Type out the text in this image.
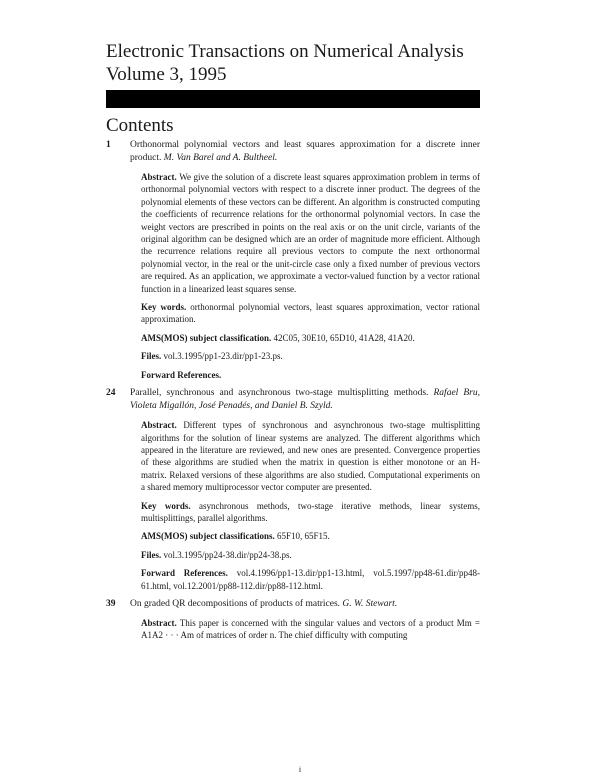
Electronic Transactions on Numerical Analysis
Volume 3, 1995
Contents
1 Orthonormal polynomial vectors and least squares approximation for a discrete inner product. M. Van Barel and A. Bultheel.
Abstract. We give the solution of a discrete least squares approximation problem in terms of orthonormal polynomial vectors with respect to a discrete inner product. The degrees of the polynomial elements of these vectors can be different. An algorithm is constructed computing the coefficients of recurrence relations for the orthonormal polynomial vectors. In case the weight vectors are prescribed in points on the real axis or on the unit circle, variants of the original algorithm can be designed which are an order of magnitude more efficient. Although the recurrence relations require all previous vectors to compute the next orthonormal polynomial vector, in the real or the unit-circle case only a fixed number of previous vectors are required. As an application, we approximate a vector-valued function by a vector rational function in a linearized least squares sense.
Key words. orthonormal polynomial vectors, least squares approximation, vector rational approximation.
AMS(MOS) subject classification. 42C05, 30E10, 65D10, 41A28, 41A20.
Files. vol.3.1995/pp1-23.dir/pp1-23.ps.
Forward References.
24 Parallel, synchronous and asynchronous two-stage multisplitting methods. Rafael Bru, Violeta Migallón, José Penadés, and Daniel B. Szyld.
Abstract. Different types of synchronous and asynchronous two-stage multisplitting algorithms for the solution of linear systems are analyzed. The different algorithms which appeared in the literature are reviewed, and new ones are presented. Convergence properties of these algorithms are studied when the matrix in question is either monotone or an H-matrix. Relaxed versions of these algorithms are also studied. Computational experiments on a shared memory multiprocessor vector computer are presented.
Key words. asynchronous methods, two-stage iterative methods, linear systems, multisplittings, parallel algorithms.
AMS(MOS) subject classifications. 65F10, 65F15.
Files. vol.3.1995/pp24-38.dir/pp24-38.ps.
Forward References. vol.4.1996/pp1-13.dir/pp1-13.html, vol.5.1997/pp48-61.dir/pp48-61.html, vol.12.2001/pp88-112.dir/pp88-112.html.
39 On graded QR decompositions of products of matrices. G. W. Stewart.
Abstract. This paper is concerned with the singular values and vectors of a product Mm = A1A2 · · · Am of matrices of order n. The chief difficulty with computing
i
